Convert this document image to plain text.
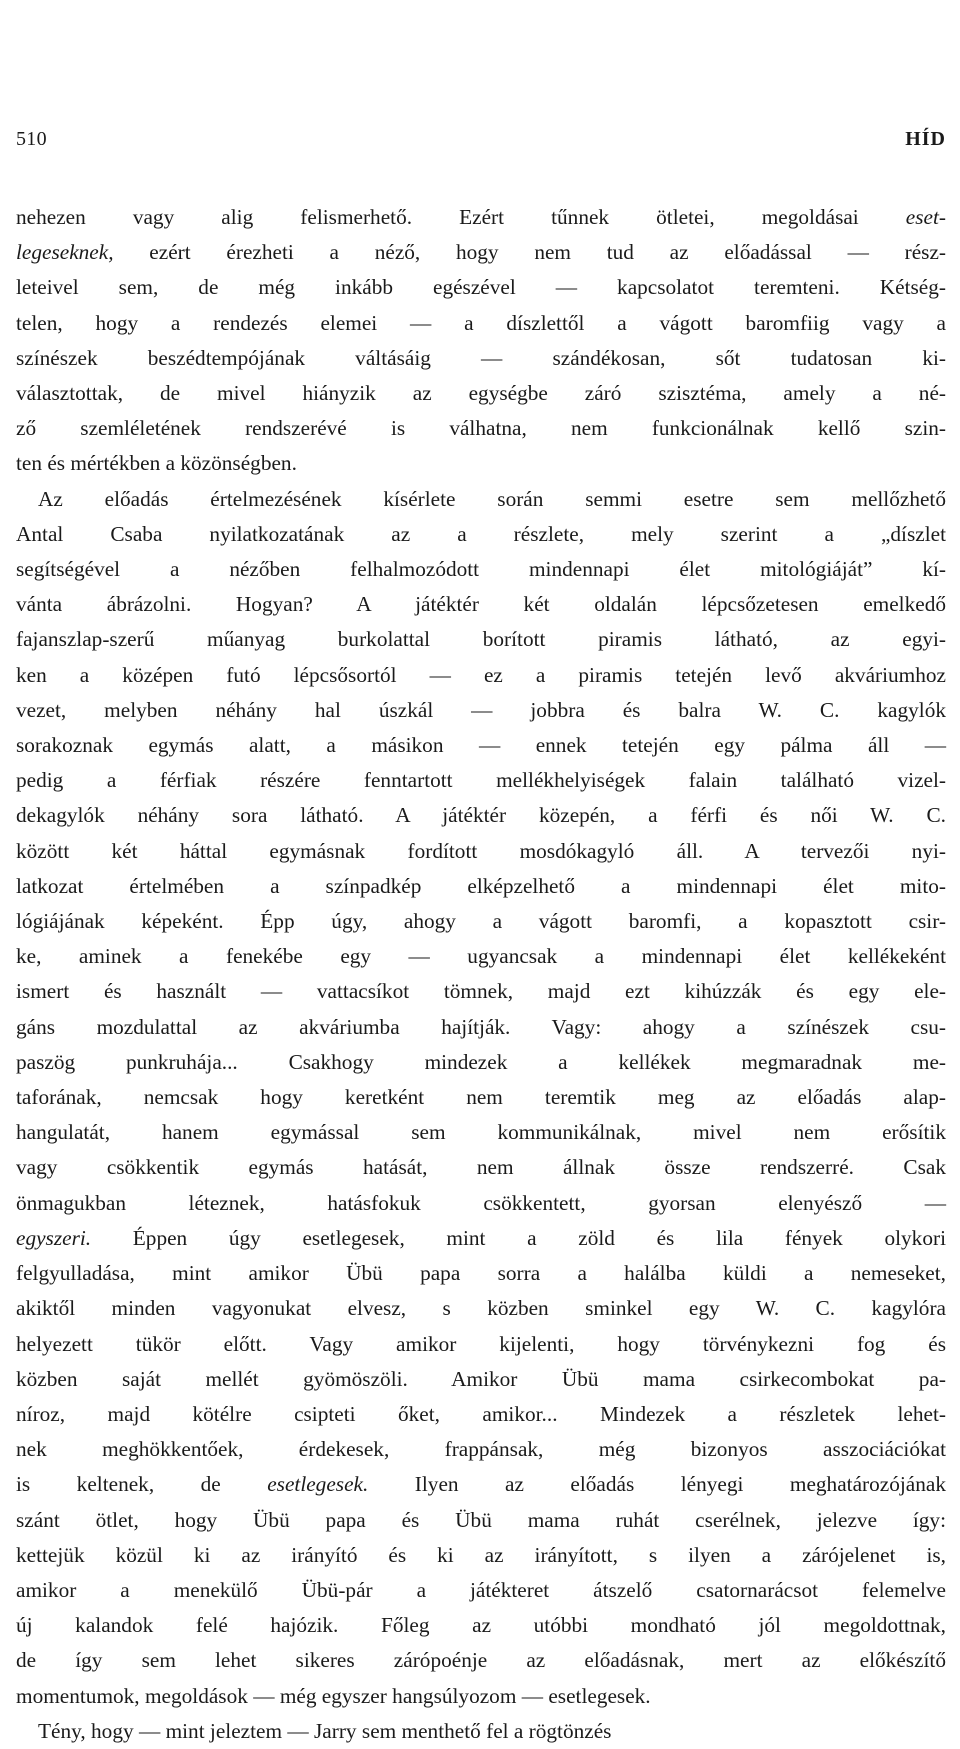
510	HÍD
nehezen vagy alig felismerhető. Ezért tűnnek ötletei, megoldásai eset-
legeseknek, ezért érezheti a néző, hogy nem tud az előadással — rész-
leteivel sem, de még inkább egészével — kapcsolatot teremteni. Kétség-
telen, hogy a rendezés elemei — a díszlettől a vágott baromfiig vagy a
színészek beszédtempójának váltásáig — szándékosan, sőt tudatosan ki-
választottak, de mivel hiányzik az egységbe záró szisztéma, amely a né-
ző szemléletének rendszerévé is válhatna, nem funkcionálnak kellő szin-
ten és mértékben a közönségben.
Az előadás értelmezésének kísérlete során semmi esetre sem mellőzhető
Antal Csaba nyilatkozatának az a részlete, mely szerint a „díszlet
segítségével a nézőben felhalmozódott mindennapi élet mitológiáját” kí-
vánta ábrázolni. Hogyan? A játéktér két oldalán lépcsőzetesen emelkedő
fajanszlap-szerű műanyag burkolattal borított piramis látható, az egyi-
ken a középen futó lépcsősortól — ez a piramis tetején levő akváriumhoz
vezet, melyben néhány hal úszkál — jobbra és balra W. C. kagylók
sorakoznak egymás alatt, a másikon — ennek tetején egy pálma áll —
pedig a férfiak részére fenntartott mellékhelyiségek falain található vizel-
dekagylók néhány sora látható. A játéktér közepén, a férfi és női W. C.
között két háttal egymásnak fordított mosdókagyló áll. A tervezői nyi-
latkozat értelmében a színpadkép elképzelhető a mindennapi élet mito-
lógiájának képeként. Épp úgy, ahogy a vágott baromfi, a kopasztott csir-
ke, aminek a fenekébe egy — ugyancsak a mindennapi élet kellékeként
ismert és használt — vattacsíkot tömnek, majd ezt kihúzzák és egy ele-
gáns mozdulattal az akváriumba hajítják. Vagy: ahogy a színészek csu-
paszög punkruhája... Csakhogy mindezek a kellékek megmaradnak me-
taforának, nemcsak hogy keretként nem teremtik meg az előadás alap-
hangulatát, hanem egymással sem kommunikálnak, mivel nem erősítik
vagy csökkentik egymás hatását, nem állnak össze rendszerré. Csak
önmagukban léteznek, hatásfokuk csökkentett, gyorsan elenyésző —
egyszeri. Éppen úgy esetlegesek, mint a zöld és lila fények olykori
felgyulladása, mint amikor Übü papa sorra a halálba küldi a nemeseket,
akiktől minden vagyonukat elvesz, s közben sminkel egy W. C. kagylóra
helyezett tükör előtt. Vagy amikor kijelenti, hogy törvénykezni fog és
közben saját mellét gyömöszöli. Amikor Übü mama csirkecombokat pa-
níroz, majd kötélre csipteti őket, amikor... Mindezek a részletek lehet-
nek meghökkentőek, érdekesek, frappánsak, még bizonyos asszociációkat
is keltenek, de esetlegesek. Ilyen az előadás lényegi meghatározójának
szánt ötlet, hogy Übü papa és Übü mama ruhát cserélnek, jelezve így:
kettejük közül ki az irányító és ki az irányított, s ilyen a zárójelenet is,
amikor a menekülő Übü-pár a játékteret átszelő csatornarácsot felemelve
új kalandok felé hajózik. Főleg az utóbbi mondható jól megoldottnak,
de így sem lehet sikeres zárópoénje az előadásnak, mert az előkészítő
momentumok, megoldások — még egyszer hangsúlyozom — esetlegesek.
Tény, hogy — mint jeleztem — Jarry sem menthető fel a rögtönzés
